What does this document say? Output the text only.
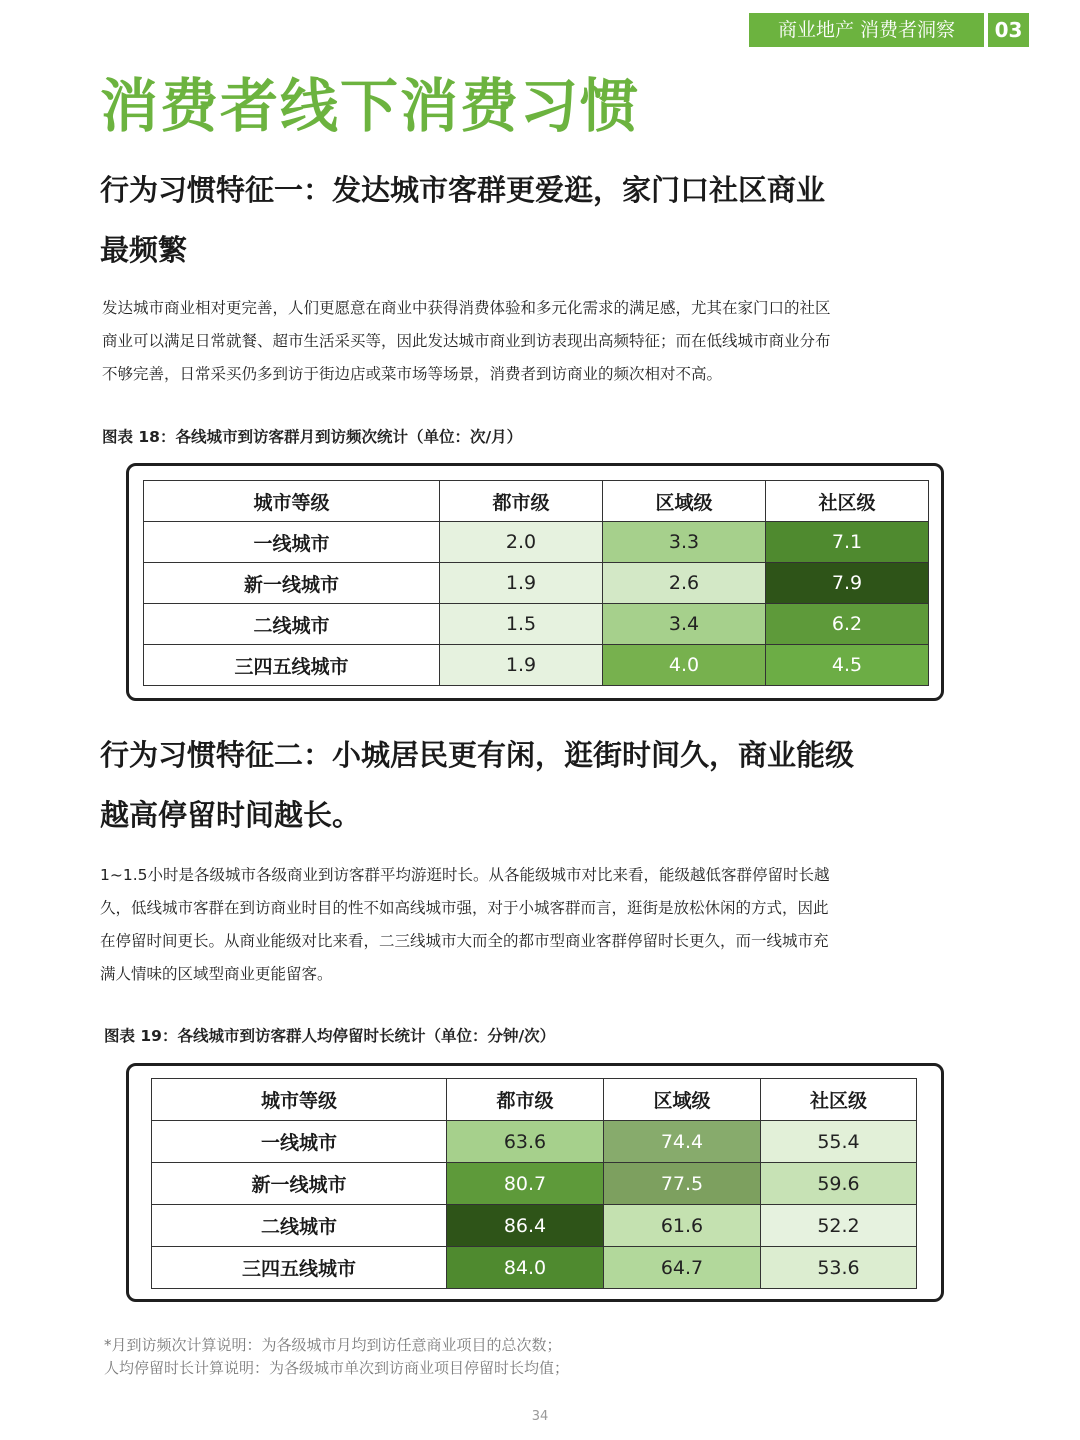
商业地产 消费者洞察	03
消费者线下消费习惯
行为习惯特征一：发达城市客群更爱逛，家门口社区商业
最频繁

发达城市商业相对更完善，人们更愿意在商业中获得消费体验和多元化需求的满足感，尤其在家门口的社区

商业可以满足日常就餐、超市生活采买等，因此发达城市商业到访表现出高频特征；而在低线城市商业分布

不够完善，日常采买仍多到访于街边店或菜市场等场景，消费者到访商业的频次相对不高。

图表 18：各线城市到访客群月到访频次统计（单位：次/月）

城市等级	都市级	区域级	社区级
一线城市	2.0	3.3	7.1
新一线城市	1.9	2.6	7.9
二线城市	1.5	3.4	6.2
三四五线城市	1.9	4.0	4.5
行为习惯特征二：小城居民更有闲，逛街时间久，商业能级
越高停留时间越长。

1~1.5小时是各级城市各级商业到访客群平均游逛时长。从各能级城市对比来看，能级越低客群停留时长越

久，低线城市客群在到访商业时目的性不如高线城市强，对于小城客群而言，逛街是放松休闲的方式，因此

在停留时间更长。从商业能级对比来看，二三线城市大而全的都市型商业客群停留时长更久，而一线城市充

满人情味的区域型商业更能留客。

图表 19：各线城市到访客群人均停留时长统计（单位：分钟/次）

城市等级	都市级	区域级	社区级
一线城市	63.6	74.4	55.4
新一线城市	80.7	77.5	59.6
二线城市	86.4	61.6	52.2
三四五线城市	84.0	64.7	53.6

*月到访频次计算说明：为各级城市月均到访任意商业项目的总次数；

人均停留时长计算说明：为各级城市单次到访商业项目停留时长均值；

34
